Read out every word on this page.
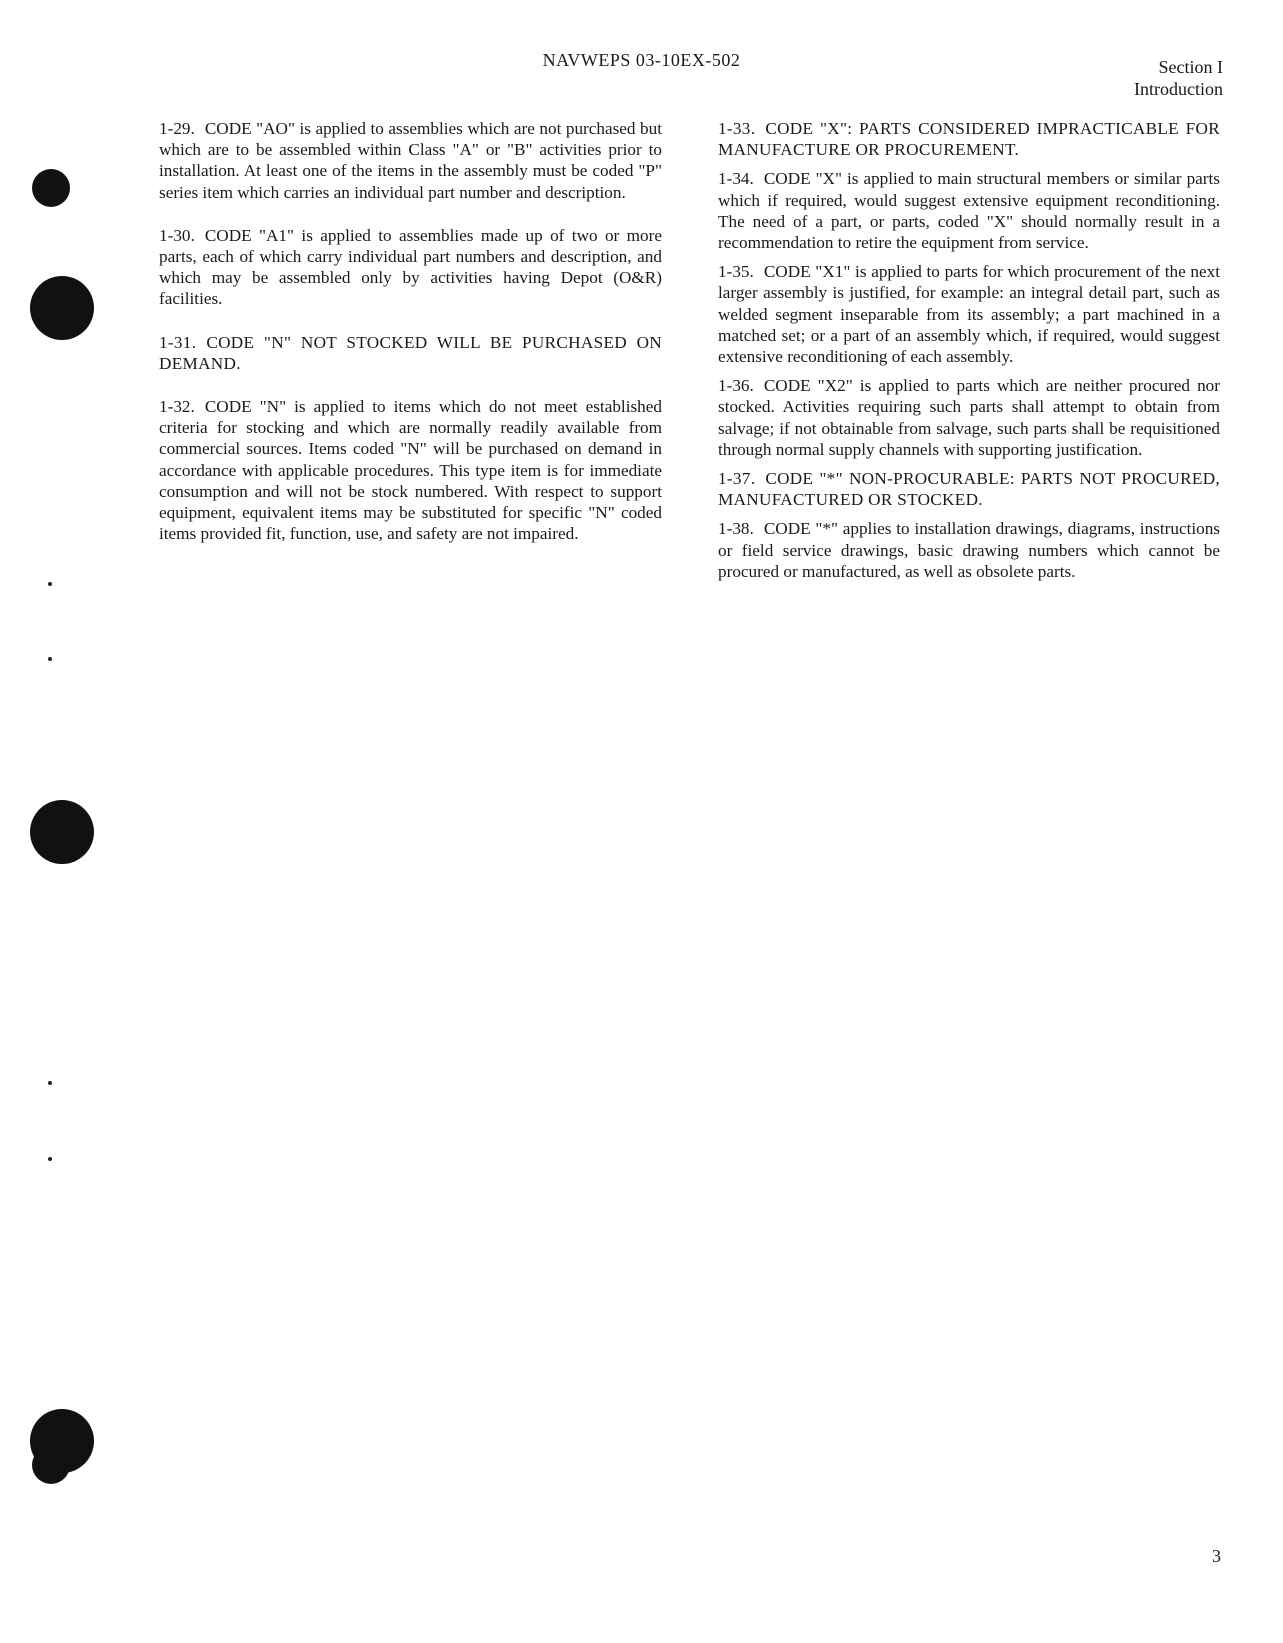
NAVWEPS 03-10EX-502	Section I
Introduction

1-29. CODE "AO" is applied to assemblies which are not purchased but which are to be assembled within Class "A" or "B" activities prior to installation. At least one of the items in the assembly must be coded "P" series item which carries an individual part number and description.

1-30. CODE "A1" is applied to assemblies made up of two or more parts, each of which carry individual part numbers and description, and which may be assembled only by activities having Depot (O&R) facilities.

1-31. CODE "N" NOT STOCKED WILL BE PURCHASED ON DEMAND.

1-32. CODE "N" is applied to items which do not meet established criteria for stocking and which are normally readily available from commercial sources. Items coded "N" will be purchased on demand in accordance with applicable procedures. This type item is for immediate consumption and will not be stock numbered. With respect to support equipment, equivalent items may be substituted for specific "N" coded items provided fit, function, use, and safety are not impaired.

1-33. CODE "X": PARTS CONSIDERED IMPRACTICABLE FOR MANUFACTURE OR PROCUREMENT.

1-34. CODE "X" is applied to main structural members or similar parts which if required, would suggest extensive equipment reconditioning. The need of a part, or parts, coded "X" should normally result in a recommendation to retire the equipment from service.

1-35. CODE "X1" is applied to parts for which procurement of the next larger assembly is justified, for example: an integral detail part, such as welded segment inseparable from its assembly; a part machined in a matched set; or a part of an assembly which, if required, would suggest extensive reconditioning of each assembly.

1-36. CODE "X2" is applied to parts which are neither procured nor stocked. Activities requiring such parts shall attempt to obtain from salvage; if not obtainable from salvage, such parts shall be requisitioned through normal supply channels with supporting justification.

1-37. CODE "*" NON-PROCURABLE: PARTS NOT PROCURED, MANUFACTURED OR STOCKED.

1-38. CODE "*" applies to installation drawings, diagrams, instructions or field service drawings, basic drawing numbers which cannot be procured or manufactured, as well as obsolete parts.

3
